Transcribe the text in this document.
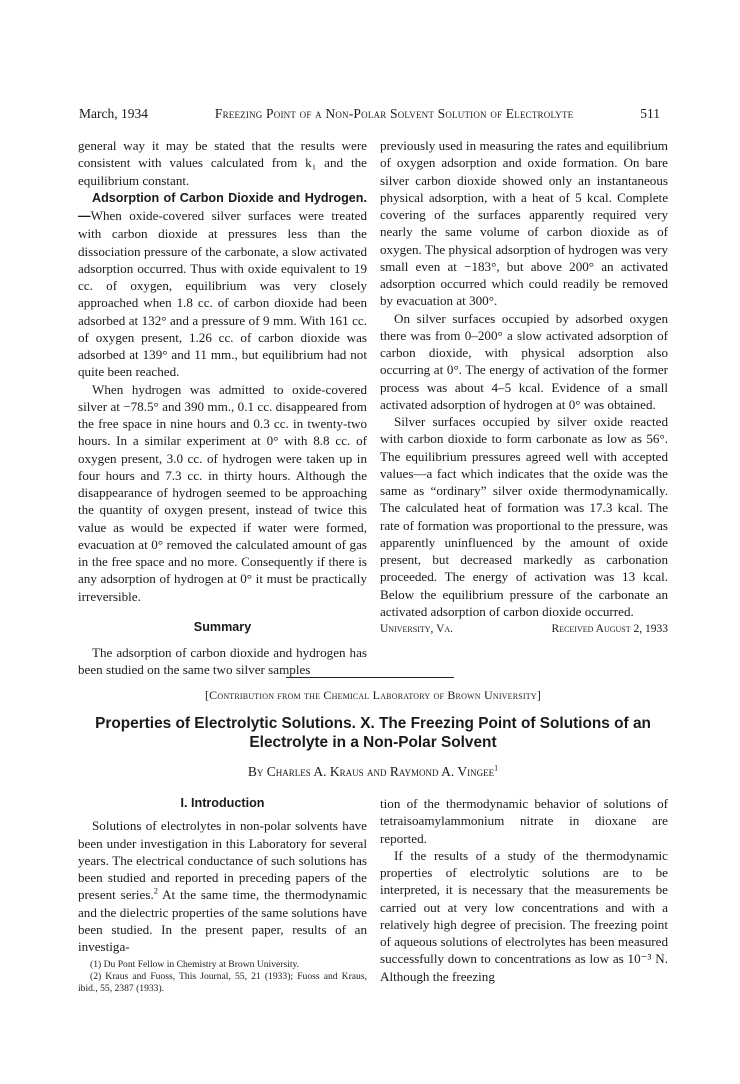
March, 1934	Freezing Point of a Non-Polar Solvent Solution of Electrolyte	511

general way it may be stated that the results were consistent with values calculated from k₁ and the equilibrium constant.

Adsorption of Carbon Dioxide and Hydrogen.—When oxide-covered silver surfaces were treated with carbon dioxide at pressures less than the dissociation pressure of the carbonate, a slow activated adsorption occurred. Thus with oxide equivalent to 19 cc. of oxygen, equilibrium was very closely approached when 1.8 cc. of carbon dioxide had been adsorbed at 132° and a pressure of 9 mm. With 161 cc. of oxygen present, 1.26 cc. of carbon dioxide was adsorbed at 139° and 11 mm., but equilibrium had not quite been reached.

When hydrogen was admitted to oxide-covered silver at −78.5° and 390 mm., 0.1 cc. disappeared from the free space in nine hours and 0.3 cc. in twenty-two hours. In a similar experiment at 0° with 8.8 cc. of oxygen present, 3.0 cc. of hydrogen were taken up in four hours and 7.3 cc. in thirty hours. Although the disappearance of hydrogen seemed to be approaching the quantity of oxygen present, instead of twice this value as would be expected if water were formed, evacuation at 0° removed the calculated amount of gas in the free space and no more. Consequently if there is any adsorption of hydrogen at 0° it must be practically irreversible.

Summary

The adsorption of carbon dioxide and hydrogen has been studied on the same two silver samples

previously used in measuring the rates and equilibrium of oxygen adsorption and oxide formation. On bare silver carbon dioxide showed only an instantaneous physical adsorption, with a heat of 5 kcal. Complete covering of the surfaces apparently required very nearly the same volume of carbon dioxide as of oxygen. The physical adsorption of hydrogen was very small even at −183°, but above 200° an activated adsorption occurred which could readily be removed by evacuation at 300°.

On silver surfaces occupied by adsorbed oxygen there was from 0–200° a slow activated adsorption of carbon dioxide, with physical adsorption also occurring at 0°. The energy of activation of the former process was about 4–5 kcal. Evidence of a small activated adsorption of hydrogen at 0° was obtained.

Silver surfaces occupied by silver oxide reacted with carbon dioxide to form carbonate as low as 56°. The equilibrium pressures agreed well with accepted values—a fact which indicates that the oxide was the same as “ordinary” silver oxide thermodynamically. The calculated heat of formation was 17.3 kcal. The rate of formation was proportional to the pressure, was apparently uninfluenced by the amount of oxide present, but decreased markedly as carbonation proceeded. The energy of activation was 13 kcal. Below the equilibrium pressure of the carbonate an activated adsorption of carbon dioxide occurred.

University, Va.	Received August 2, 1933
[Contribution from the Chemical Laboratory of Brown University]
Properties of Electrolytic Solutions. X. The Freezing Point of Solutions of an
Electrolyte in a Non-Polar Solvent
By Charles A. Kraus and Raymond A. Vingee$^1$
I. Introduction

Solutions of electrolytes in non-polar solvents have been under investigation in this Laboratory for several years. The electrical conductance of such solutions has been studied and reported in preceding papers of the present series.$^2$ At the same time, the thermodynamic and the dielectric properties of the same solutions have been studied. In the present paper, results of an investiga-

(1) Du Pont Fellow in Chemistry at Brown University.
(2) Kraus and Fuoss, This Journal, 55, 21 (1933); Fuoss and Kraus, ibid., 55, 2387 (1933).

tion of the thermodynamic behavior of solutions of tetraisoamylammonium nitrate in dioxane are reported.

If the results of a study of the thermodynamic properties of electrolytic solutions are to be interpreted, it is necessary that the measurements be carried out at very low concentrations and with a relatively high degree of precision. The freezing point of aqueous solutions of electrolytes has been measured successfully down to concentrations as low as 10⁻³ N. Although the freezing
